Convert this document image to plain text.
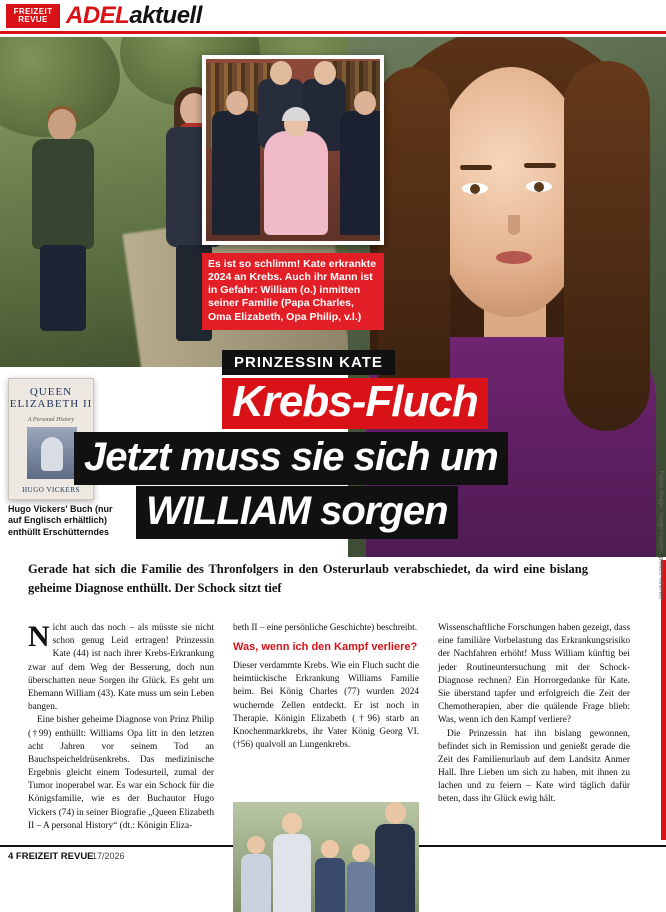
FREIZEIT
REVUE ADELaktuell
Es ist so schlimm! Kate erkrankte 2024 an Krebs. Auch ihr Mann ist in Gefahr: William (o.) inmitten seiner Familie (Papa Charles, Oma Elizabeth, Opa Philip, v.l.)
QUEEN ELIZABETH II
A Personal History
HUGO VICKERS
Hugo Vickers' Buch (nur auf Englisch erhältlich) enthüllt Erschütterndes
PRINZESSIN KATE
Krebs-Fluch
Jetzt muss sie sich um
WILLIAM sorgen
Gerade hat sich die Familie des Thronfolgers in den Osterurlaub verabschiedet, da wird eine bislang geheime Diagnose enthüllt. Der Schock sitzt tief

Nicht auch das noch – als müsste sie nicht schon genug Leid ertragen! Prinzessin Kate (44) ist nach ihrer Krebs-Erkrankung zwar auf dem Weg der Besserung, doch nun überschatten neue Sorgen ihr Glück. Es geht um Ehemann William (43). Kate muss um sein Leben bangen.

Eine bisher geheime Diagnose von Prinz Philip (†99) enthüllt: Williams Opa litt in den letzten acht Jahren vor seinem Tod an Bauchspeicheldrüsenkrebs. Das medizinische Ergebnis gleicht einem Todesurteil, zumal der Tumor inoperabel war. Es war ein Schock für die Königsfamilie, wie es der Buchautor Hugo Vickers (74) in seiner Biografie „Queen Elizabeth II – A personal History“ (dt.: Königin Eliza-

beth II – eine persönliche Geschichte) beschreibt.

Was, wenn ich den Kampf verliere?

Dieser verdammte Krebs. Wie ein Fluch sucht die heimtückische Erkrankung Williams Familie heim. Bei König Charles (77) wurden 2024 wuchernde Zellen entdeckt. Er ist noch in Therapie. Königin Elizabeth (†96) starb an Knochenmarkkrebs, ihr Vater König Georg VI. (†56) qualvoll an Lungenkrebs.

Wissenschaftliche Forschungen haben gezeigt, dass eine familiäre Vorbelastung das Erkrankungsrisiko der Nachfahren erhöht! Muss William künftig bei jeder Routineuntersuchung mit der Schock-Diagnose rechnen? Ein Horrorgedanke für Kate. Sie überstand tapfer und erfolgreich die Zeit der Chemotherapien, aber die quälende Frage blieb: Was, wenn ich den Kampf verliere?

Die Prinzessin hat ihn bislang gewonnen, befindet sich in Remission und genießt gerade die Zeit des Familienurlaub auf dem Landsitz Anmer Hall. Ihre Lieben um sich zu haben, mit ihnen zu lachen und zu feiern – Kate wird täglich dafür beten, dass ihr Glück ewig hält.

Fotos: imago, Imago Images, picture alliance
4 FREIZEIT REVUE
17/2026
